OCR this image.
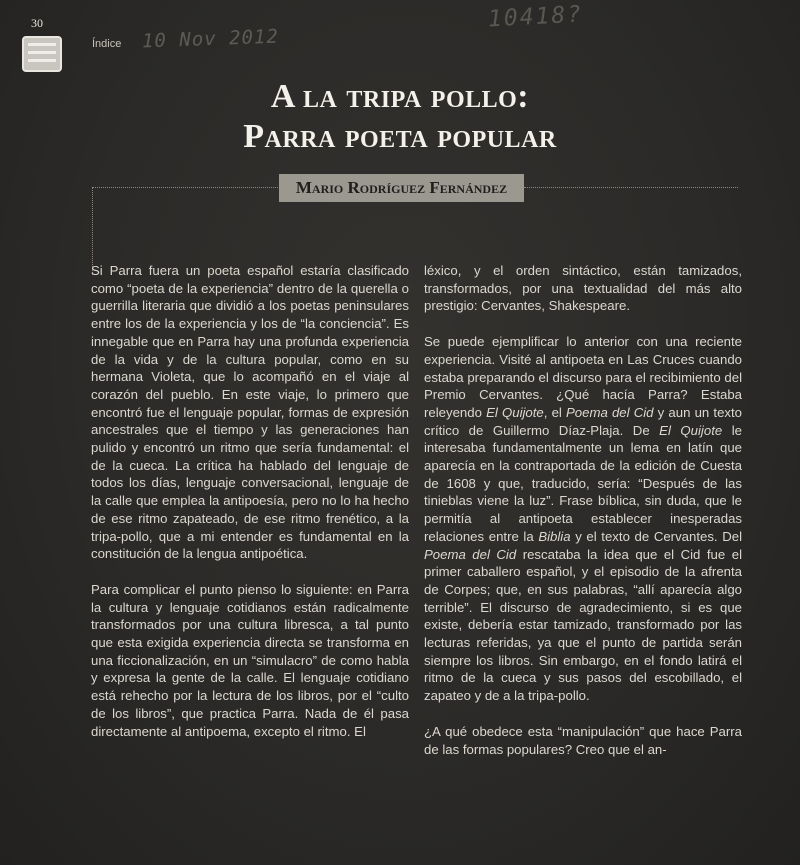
30
Índice 10 Nov 2012
10418?
A la tripa pollo:
Parra poeta popular
Mario Rodríguez Fernández

Si Parra fuera un poeta español estaría clasificado como “poeta de la experiencia” dentro de la querella o guerrilla literaria que dividió a los poetas peninsulares entre los de la experiencia y los de “la conciencia”. Es innegable que en Parra hay una profunda experiencia de la vida y de la cultura popular, como en su hermana Violeta, que lo acompañó en el viaje al corazón del pueblo. En este viaje, lo primero que encontró fue el lenguaje popular, formas de expresión ancestrales que el tiempo y las generaciones han pulido y encontró un ritmo que sería fundamental: el de la cueca. La crítica ha hablado del lenguaje de todos los días, lenguaje conversacional, lenguaje de la calle que emplea la antipoesía, pero no lo ha hecho de ese ritmo zapateado, de ese ritmo frenético, a la tripa-pollo, que a mi entender es fundamental en la constitución de la lengua antipoética.

Para complicar el punto pienso lo siguiente: en Parra la cultura y lenguaje cotidianos están radicalmente transformados por una cultura libresca, a tal punto que esta exigida experiencia directa se transforma en una ficcionalización, en un “simulacro” de como habla y expresa la gente de la calle. El lenguaje cotidiano está rehecho por la lectura de los libros, por el “culto de los libros”, que practica Parra. Nada de él pasa directamente al antipoema, excepto el ritmo. El

léxico, y el orden sintáctico, están tamizados, transformados, por una textualidad del más alto prestigio: Cervantes, Shakespeare.

Se puede ejemplificar lo anterior con una reciente experiencia. Visité al antipoeta en Las Cruces cuando estaba preparando el discurso para el recibimiento del Premio Cervantes. ¿Qué hacía Parra? Estaba releyendo El Quijote, el Poema del Cid y aun un texto crítico de Guillermo Díaz-Plaja. De El Quijote le interesaba fundamentalmente un lema en latín que aparecía en la contraportada de la edición de Cuesta de 1608 y que, traducido, sería: “Después de las tinieblas viene la luz”. Frase bíblica, sin duda, que le permitía al antipoeta establecer inesperadas relaciones entre la Biblia y el texto de Cervantes. Del Poema del Cid rescataba la idea que el Cid fue el primer caballero español, y el episodio de la afrenta de Corpes; que, en sus palabras, “allí aparecía algo terrible”. El discurso de agradecimiento, si es que existe, debería estar tamizado, transformado por las lecturas referidas, ya que el punto de partida serán siempre los libros. Sin embargo, en el fondo latirá el ritmo de la cueca y sus pasos del escobillado, el zapateo y de a la tripa-pollo.

¿A qué obedece esta “manipulación” que hace Parra de las formas populares? Creo que el an-
